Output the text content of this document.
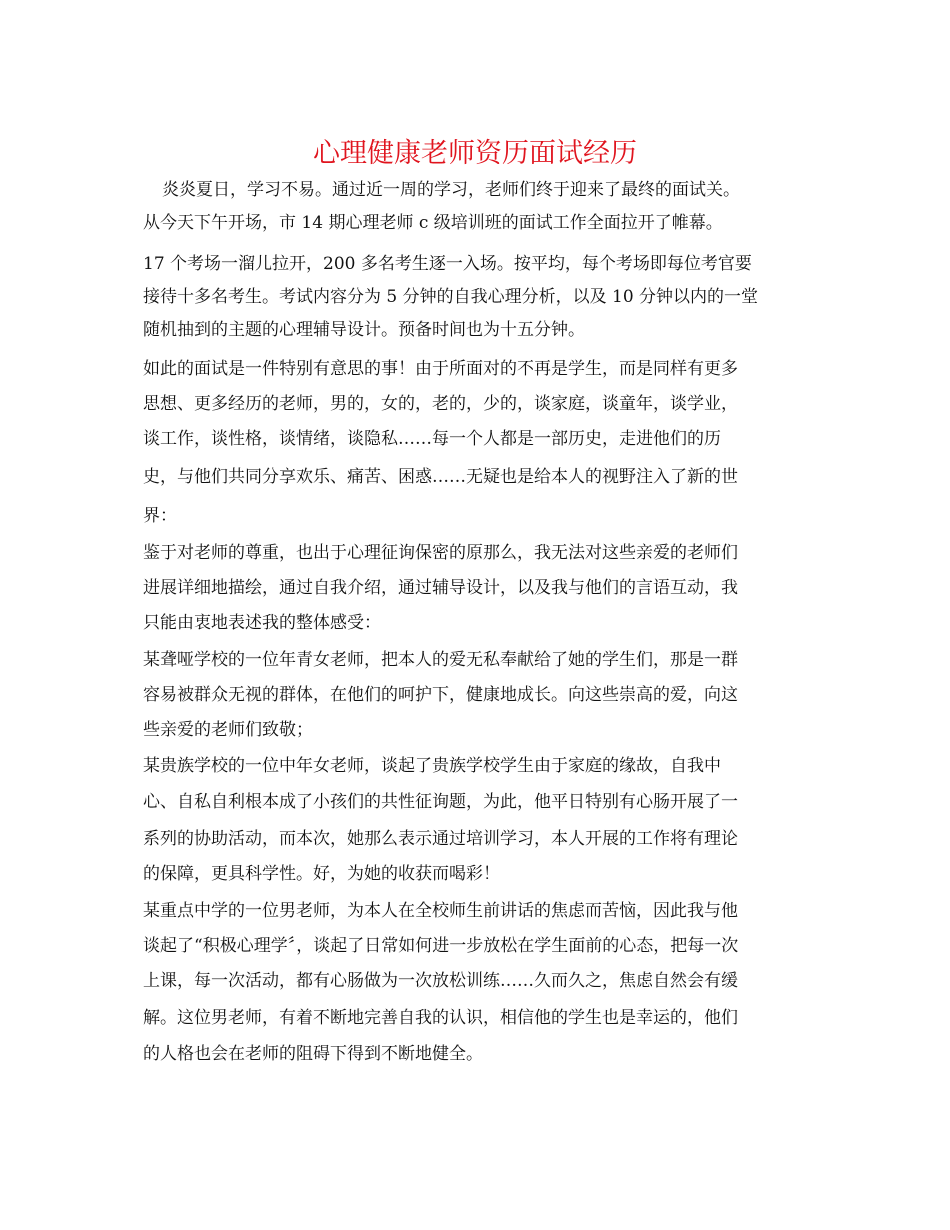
心理健康老师资历面试经历

炎炎夏日，学习不易。通过近一周的学习，老师们终于迎来了最终的面试关。

从今天下午开场，市 14 期心理老师 c 级培训班的面试工作全面拉开了帷幕。

17 个考场一溜儿拉开，200 多名考生逐一入场。按平均，每个考场即每位考官要

接待十多名考生。考试内容分为 5 分钟的自我心理分析，以及 10 分钟以内的一堂

随机抽到的主题的心理辅导设计。预备时间也为十五分钟。

如此的面试是一件特别有意思的事！由于所面对的不再是学生，而是同样有更多

思想、更多经历的老师，男的，女的，老的，少的，谈家庭，谈童年，谈学业，

谈工作，谈性格，谈情绪，谈隐私……每一个人都是一部历史，走进他们的历

史，与他们共同分享欢乐、痛苦、困惑……无疑也是给本人的视野注入了新的世

界：

鉴于对老师的尊重，也出于心理征询保密的原那么，我无法对这些亲爱的老师们

进展详细地描绘，通过自我介绍，通过辅导设计，以及我与他们的言语互动，我

只能由衷地表述我的整体感受：

某聋哑学校的一位年青女老师，把本人的爱无私奉献给了她的学生们，那是一群

容易被群众无视的群体，在他们的呵护下，健康地成长。向这些崇高的爱，向这

些亲爱的老师们致敬；

某贵族学校的一位中年女老师，谈起了贵族学校学生由于家庭的缘故，自我中

心、自私自利根本成了小孩们的共性征询题，为此，他平日特别有心肠开展了一

系列的协助活动，而本次，她那么表示通过培训学习，本人开展的工作将有理论

的保障，更具科学性。好，为她的收获而喝彩！

某重点中学的一位男老师，为本人在全校师生前讲话的焦虑而苦恼，因此我与他

谈起了“积极心理学〞，谈起了日常如何进一步放松在学生面前的心态，把每一次

上课，每一次活动，都有心肠做为一次放松训练……久而久之，焦虑自然会有缓

解。这位男老师，有着不断地完善自我的认识，相信他的学生也是幸运的，他们

的人格也会在老师的阻碍下得到不断地健全。
